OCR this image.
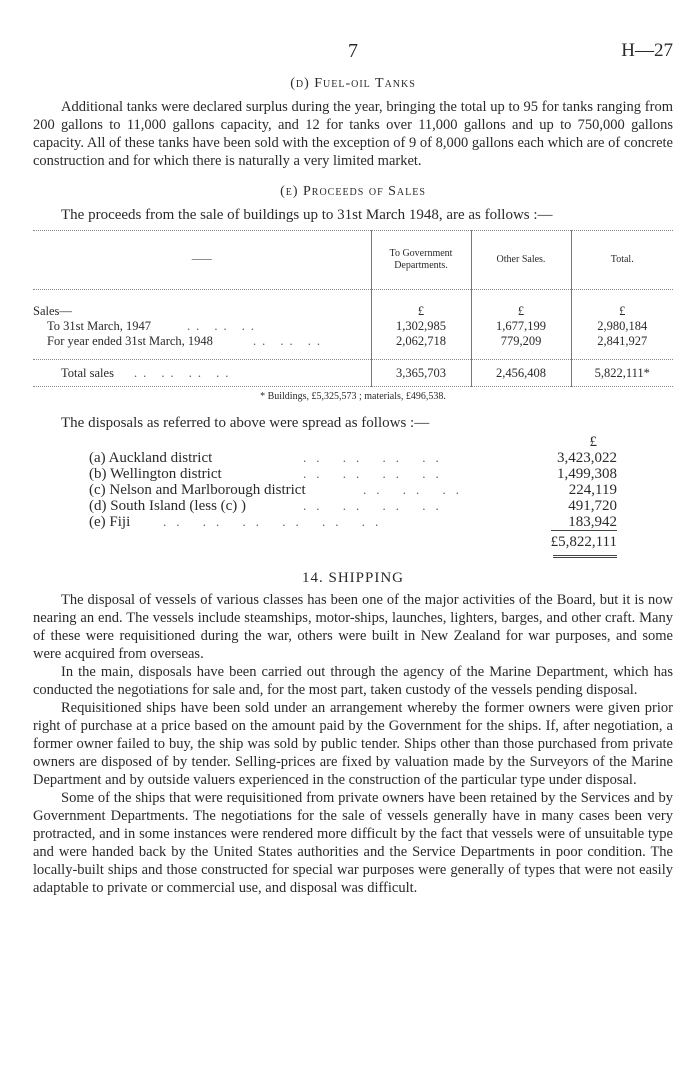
7	H—27
(d) Fuel-oil Tanks

Additional tanks were declared surplus during the year, bringing the total up to 95 for tanks ranging from 200 gallons to 11,000 gallons capacity, and 12 for tanks over 11,000 gallons and up to 750,000 gallons capacity. All of these tanks have been sold with the exception of 9 of 8,000 gallons each which are of concrete construction and for which there is naturally a very limited market.

(e) Proceeds of Sales
The proceeds from the sale of buildings up to 31st March 1948, are as follows :—
——	To Government Departments.	Other Sales.	Total.
Sales—	£	£	£
To 31st March, 1947 .. .. ..	1,302,985	1,677,199	2,980,184
For year ended 31st March, 1948 .. .. ..	2,062,718	779,209	2,841,927
Total sales .. .. .. ..	3,365,703	2,456,408	5,822,111*
* Buildings, £5,325,573 ; materials, £496,538.
The disposals as referred to above were spread as follows :—
£
(a) Auckland district	.. .. .. ..	3,423,022
(b) Wellington district	.. .. .. ..	1,499,308
(c) Nelson and Marlborough district	.. .. ..	224,119
(d) South Island (less (c) )	.. .. .. ..	491,720
(e) Fiji	.. .. .. .. .. ..	183,942
£5,822,111
14. SHIPPING

The disposal of vessels of various classes has been one of the major activities of the Board, but it is now nearing an end. The vessels include steamships, motor-ships, launches, lighters, barges, and other craft. Many of these were requisitioned during the war, others were built in New Zealand for war purposes, and some were acquired from overseas.

In the main, disposals have been carried out through the agency of the Marine Department, which has conducted the negotiations for sale and, for the most part, taken custody of the vessels pending disposal.

Requisitioned ships have been sold under an arrangement whereby the former owners were given prior right of purchase at a price based on the amount paid by the Government for the ships. If, after negotiation, a former owner failed to buy, the ship was sold by public tender. Ships other than those purchased from private owners are disposed of by tender. Selling-prices are fixed by valuation made by the Surveyors of the Marine Department and by outside valuers experienced in the construction of the particular type under disposal.

Some of the ships that were requisitioned from private owners have been retained by the Services and by Government Departments. The negotiations for the sale of vessels generally have in many cases been very protracted, and in some instances were rendered more difficult by the fact that vessels were of unsuitable type and were handed back by the United States authorities and the Service Departments in poor condition. The locally-built ships and those constructed for special war purposes were generally of types that were not easily adaptable to private or commercial use, and disposal was difficult.
